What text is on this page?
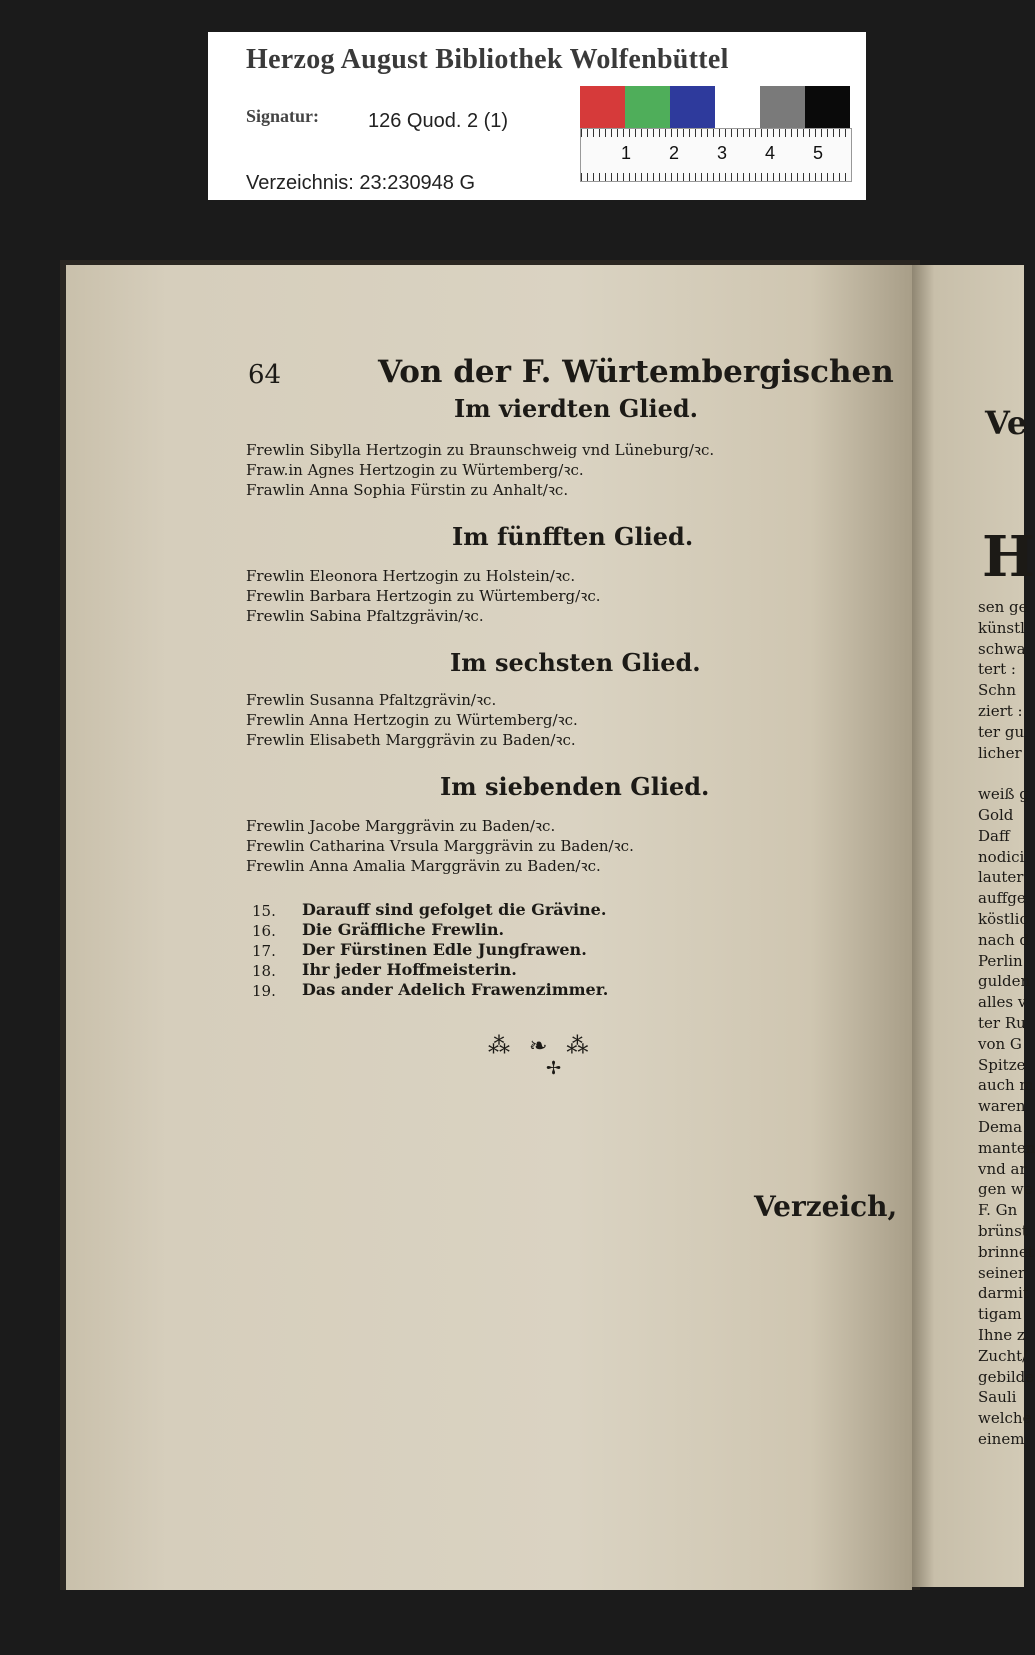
Herzog August Bibliothek Wolfenbüttel
Signatur: 126 Quod. 2 (1)
Verzeichnis: 23:230948 G
1 2 3 4 5
64	Von der F. Würtembergischen
Im vierdten Glied.
Frewlin Sibylla Hertzogin zu Braunschweig vnd Lüneburg/ꝛc.
Fraw.in Agnes Hertzogin zu Würtemberg/ꝛc.
Frawlin Anna Sophia Fürstin zu Anhalt/ꝛc.
Im fünfften Glied.
Frewlin Eleonora Hertzogin zu Holstein/ꝛc.
Frewlin Barbara Hertzogin zu Würtemberg/ꝛc.
Frewlin Sabina Pfaltzgrävin/ꝛc.
Im sechsten Glied.
Frewlin Susanna Pfaltzgrävin/ꝛc.
Frewlin Anna Hertzogin zu Würtemberg/ꝛc.
Frewlin Elisabeth Marggrävin zu Baden/ꝛc.
Im siebenden Glied.
Frewlin Jacobe Marggrävin zu Baden/ꝛc.
Frewlin Catharina Vrsula Marggrävin zu Baden/ꝛc.
Frewlin Anna Amalia Marggrävin zu Baden/ꝛc.
15. Darauff sind gefolget die Grävine.
16. Die Gräffliche Frewlin.
17. Der Fürstinen Edle Jungfrawen.
18. Ihr jeder Hoffmeisterin.
19. Das ander Adelich Frawenzimmer.
⁂ ❧ ⁂
✢
Verzeich,
Ve
H
sen ge
künstl
schwa
tert :
Schn
ziert :
ter gu
licher
weiß g
Gold
Daff
nodici
lauter
auffge
köstlic
nach d
Perlin
gulden
alles v
ter Ru
von G
Spitze
auch m
waren
Dema
manten
vnd ar
gen we
F. Gn
brünst
brinnet
seiner
darmit
tigam
Ihne z
Zucht/
gebilde
Sauli
welche
einem
